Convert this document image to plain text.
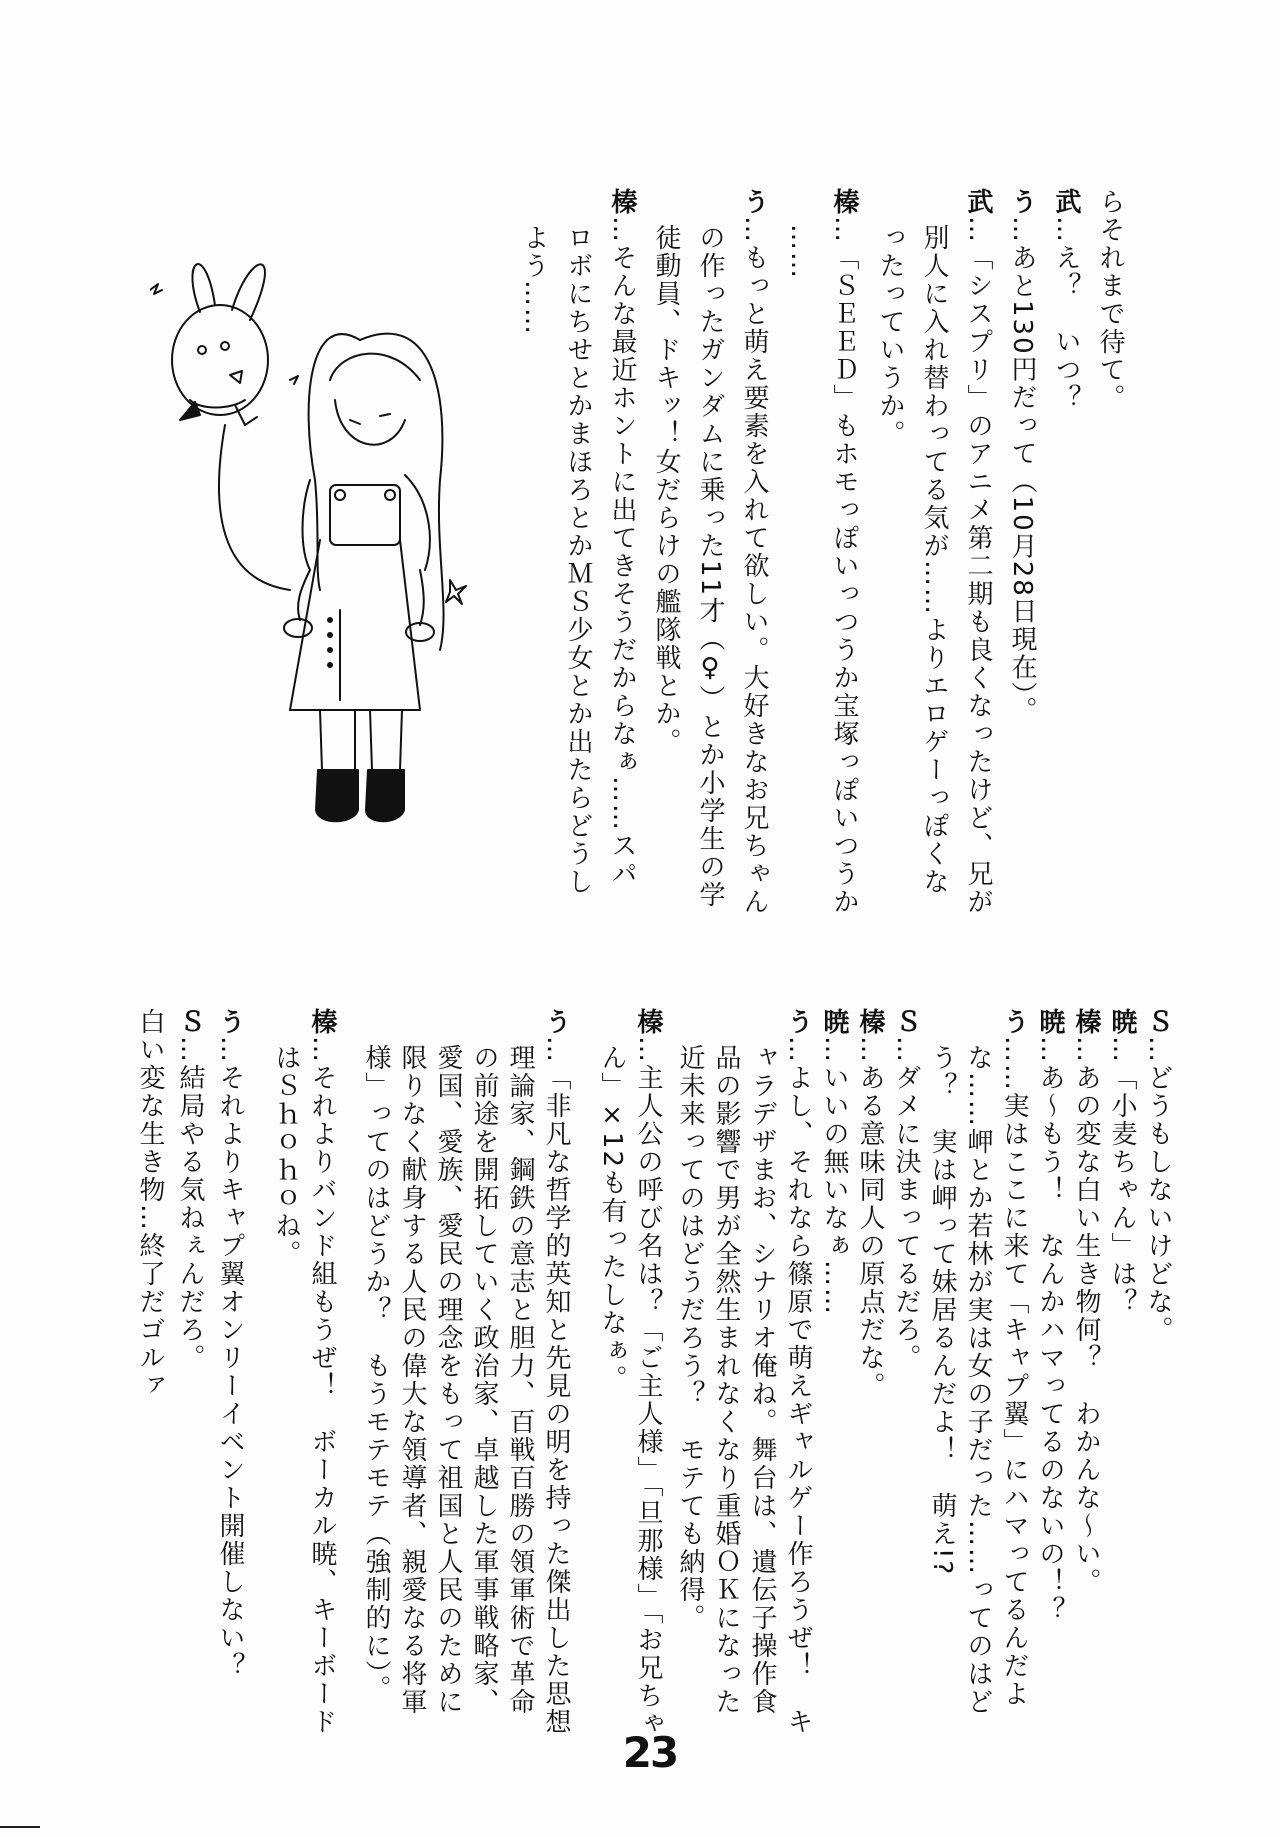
らそれまで待て。
武…え？　いつ？
う…あと130円だって（10月28日現在）。
武…「シスプリ」のアニメ第二期も良くなったけど、兄が
別人に入れ替わってる気が……よりエロゲーっぽくな
ったっていうか。
榛…「ＳＥＥＤ」もホモっぽいっつうか宝塚っぽいつうか
……
う…もっと萌え要素を入れて欲しい。大好きなお兄ちゃん
の作ったガンダムに乗った11才（♀）とか小学生の学
徒動員、ドキッ！女だらけの艦隊戦とか。
榛…そんな最近ホントに出てきそうだからなぁ……スパ
ロボにちせとかまほろとかＭＳ少女とか出たらどうし
よう……
Ｓ…どうもしないけどな。
暁…「小麦ちゃん」は？
榛…あの変な白い生き物何？　わかんな～い。
暁…あ～もう！　なんかハマってるのないの！？
う……実はここに来て「キャプ翼」にハマってるんだよ
な……岬とか若林が実は女の子だった……ってのはど
う？　実は岬って妹居るんだよ！　萌え!?
Ｓ…ダメに決まってるだろ。
榛…ある意味同人の原点だな。
暁…いいの無いなぁ……
う…よし、それなら篠原で萌えギャルゲー作ろうぜ！　キ
ャラデザまお、シナリオ俺ね。舞台は、遺伝子操作食
品の影響で男が全然生まれなくなり重婚ＯＫになった
近未来ってのはどうだろう？　モテても納得。
榛…主人公の呼び名は？「ご主人様」「旦那様」「お兄ちゃ
ん」×12も有ったしなぁ。
う…「非凡な哲学的英知と先見の明を持った傑出した思想
理論家、鋼鉄の意志と胆力、百戦百勝の領軍術で革命
の前途を開拓していく政治家、卓越した軍事戦略家、
愛国、愛族、愛民の理念をもって祖国と人民のために
限りなく献身する人民の偉大な領導者、親愛なる将軍
様」ってのはどうか？　もうモテモテ（強制的に）。
榛…それよりバンド組もうぜ！　ボーカル暁、キーボード
はＳｈｏｈｏね。
う…それよりキャプ翼オンリーイベント開催しない？
Ｓ…結局やる気ねぇんだろ。
白い変な生き物…終了だゴルァ
23
